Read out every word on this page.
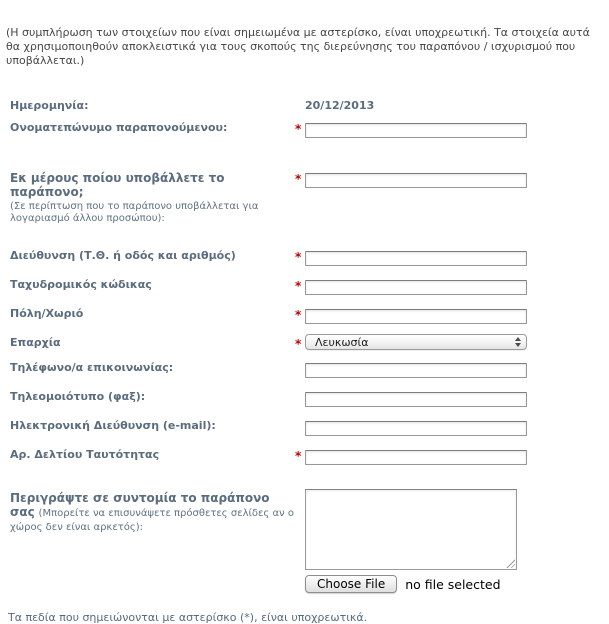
(Η συμπλήρωση των στοιχείων που είναι σημειωμένα με αστερίσκο, είναι υποχρεωτική. Τα στοιχεία αυτά θα χρησιμοποιηθούν αποκλειστικά για τους σκοπούς της διερεύνησης του παραπόνου / ισχυρισμού που υποβάλλεται.)

Ημερομηνία:	20/12/2013
Ονοματεπώνυμο παραπονούμενου:	*
Εκ μέρους ποίου υποβάλλετε το παράπονο;
(Σε περίπτωση που το παράπονο υποβάλλεται για λογαριασμό άλλου προσώπου):
*
Διεύθυνση (Τ.Θ. ή οδός και αριθμός)	*
Ταχυδρομικός κώδικας	*
Πόλη/Χωριό	*
Επαρχία	*	Λευκωσία
Τηλέφωνο/α επικοινωνίας:
Τηλεομοιότυπο (φαξ):
Ηλεκτρονική Διεύθυνση (e-mail):
Αρ. Δελτίου Ταυτότητας	*
Περιγράψτε σε συντομία το παράπονο σας (Μπορείτε να επισυνάψετε πρόσθετες σελίδες αν ο χώρος δεν είναι αρκετός):
Choose File	no file selected

Τα πεδία που σημειώνονται με αστερίσκο (*), είναι υποχρεωτικά.
